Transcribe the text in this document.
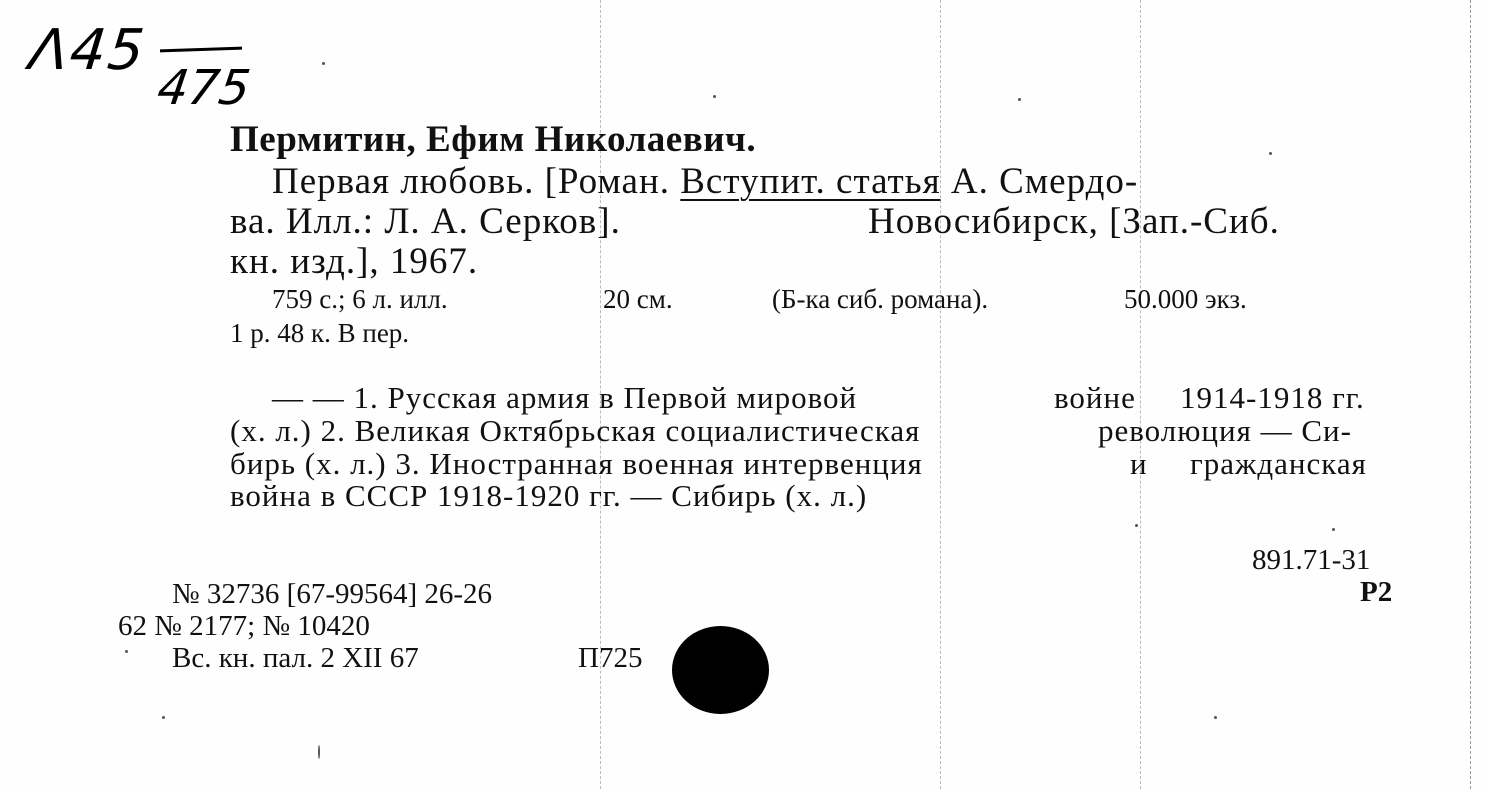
Λ45
475
Пермитин, Ефим Николаевич.
Первая любовь. [Роман. Вступит. статья А. Смердо-
ва. Илл.: Л. А. Серков].	Новосибирск, [Зап.-Сиб.
кн. изд.], 1967.
759 с.; 6 л. илл.	20 см.	(Б-ка сиб. романа).	50.000 экз.
1 р. 48 к. В пер.
— — 1. Русская армия в Первой мировой	войне 1914-1918 гг.
(х. л.) 2. Великая Октябрьская социалистическая	революция — Си-
бирь (х. л.) 3. Иностранная военная интервенция	и гражданская
война в СССР 1918-1920 гг. — Сибирь (х. л.)
891.71-31
Р2
№ 32736 [67-99564] 26-26
62 № 2177; № 10420
Вс. кн. пал. 2 XII 67	П725
